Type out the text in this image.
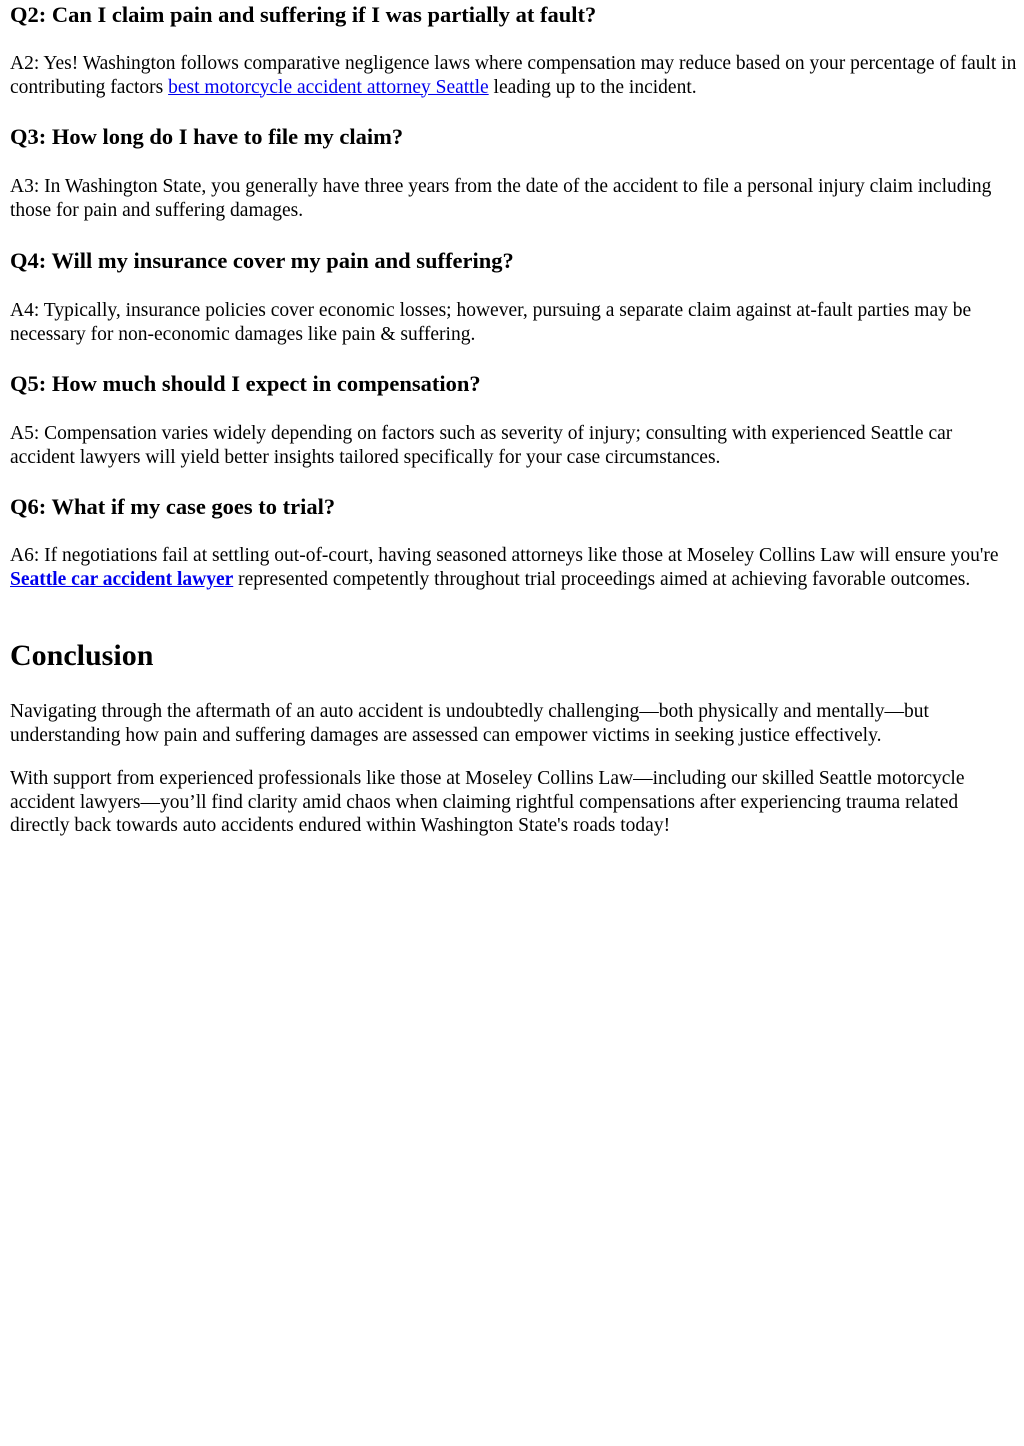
Q2: Can I claim pain and suffering if I was partially at fault?

A2: Yes! Washington follows comparative negligence laws where compensation may reduce based on your percentage of fault in contributing factors best motorcycle accident attorney Seattle leading up to the incident.

Q3: How long do I have to file my claim?

A3: In Washington State, you generally have three years from the date of the accident to file a personal injury claim including those for pain and suffering damages.

Q4: Will my insurance cover my pain and suffering?

A4: Typically, insurance policies cover economic losses; however, pursuing a separate claim against at-fault parties may be necessary for non-economic damages like pain & suffering.

Q5: How much should I expect in compensation?

A5: Compensation varies widely depending on factors such as severity of injury; consulting with experienced Seattle car accident lawyers will yield better insights tailored specifically for your case circumstances.

Q6: What if my case goes to trial?

A6: If negotiations fail at settling out-of-court, having seasoned attorneys like those at Moseley Collins Law will ensure you're Seattle car accident lawyer represented competently throughout trial proceedings aimed at achieving favorable outcomes.

Conclusion

Navigating through the aftermath of an auto accident is undoubtedly challenging—both physically and mentally—but understanding how pain and suffering damages are assessed can empower victims in seeking justice effectively.

With support from experienced professionals like those at Moseley Collins Law—including our skilled Seattle motorcycle accident lawyers—you’ll find clarity amid chaos when claiming rightful compensations after experiencing trauma related directly back towards auto accidents endured within Washington State's roads today!
